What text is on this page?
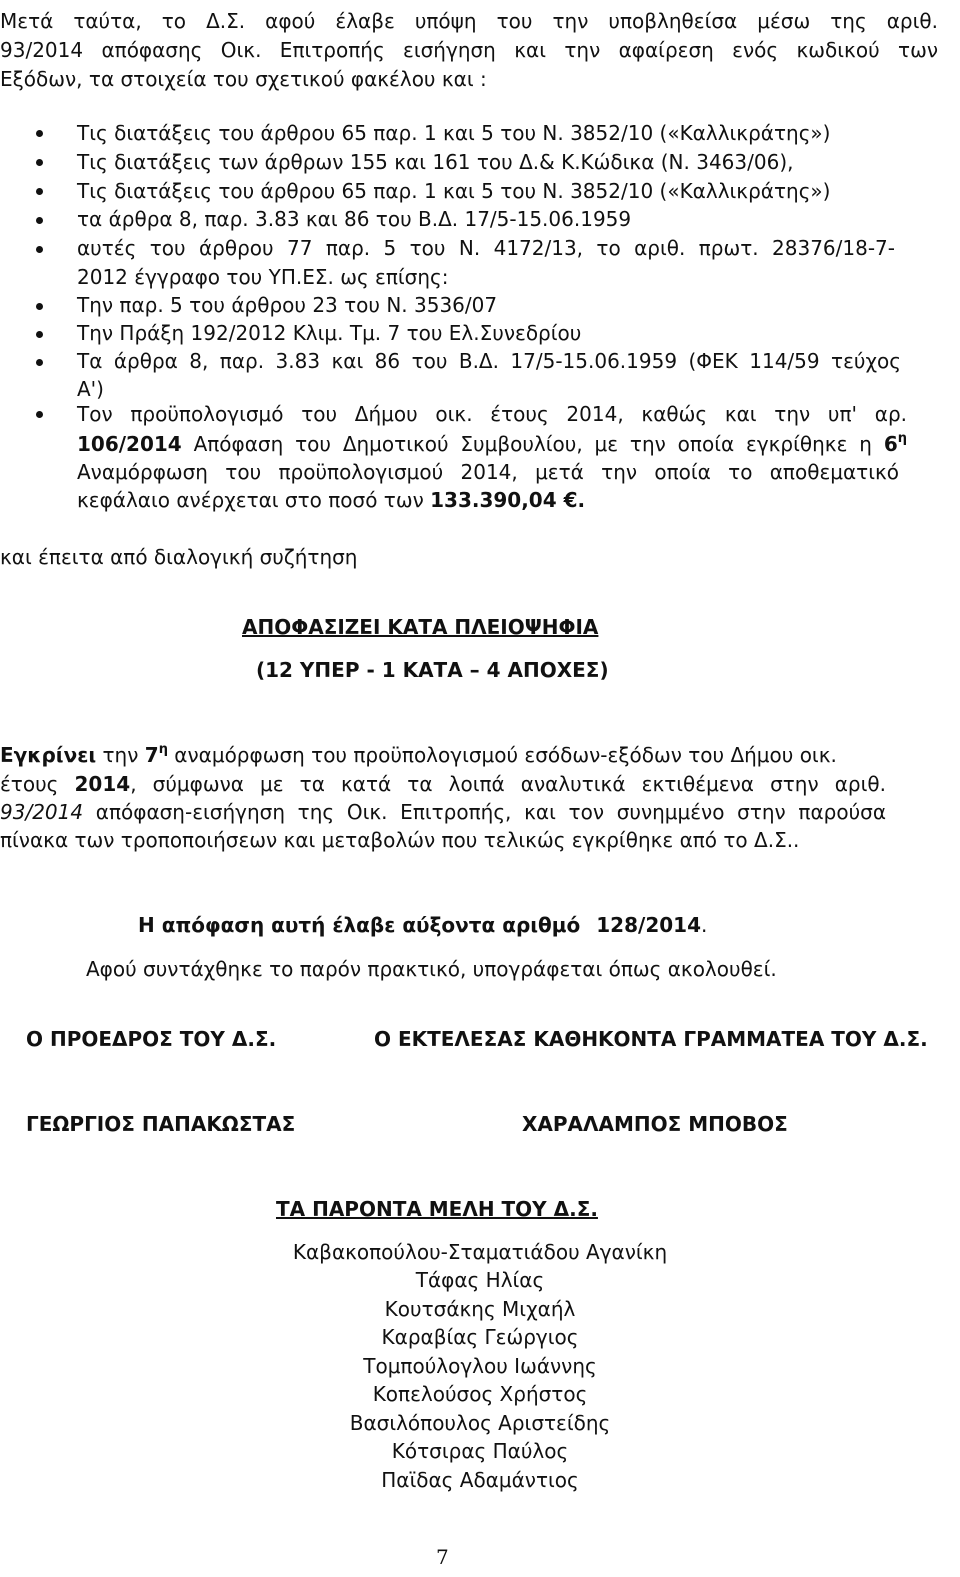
Μετά ταύτα, το Δ.Σ. αφού έλαβε υπόψη του την υποβληθείσα μέσω της αριθ.
93/2014 απόφασης Οικ. Επιτροπής εισήγηση και την αφαίρεση ενός κωδικού των
Εξόδων, τα στοιχεία του σχετικού φακέλου και :
Τις διατάξεις του άρθρου 65 παρ. 1 και 5 του Ν. 3852/10 («Καλλικράτης»)
Τις διατάξεις των άρθρων 155 και 161 του Δ.& Κ.Κώδικα (Ν. 3463/06),
Τις διατάξεις του άρθρου 65 παρ. 1 και 5 του Ν. 3852/10 («Καλλικράτης»)
τα άρθρα 8, παρ. 3.83 και 86 του Β.Δ. 17/5-15.06.1959
αυτές του άρθρου 77 παρ. 5 του Ν. 4172/13, το αριθ. πρωτ. 28376/18-7-
2012 έγγραφο του ΥΠ.ΕΣ. ως επίσης:
Την παρ. 5 του άρθρου 23 του Ν. 3536/07
Την Πράξη 192/2012 Κλιμ. Τμ. 7 του Ελ.Συνεδρίου
Τα άρθρα 8, παρ. 3.83 και 86 του Β.Δ. 17/5-15.06.1959 (ΦΕΚ 114/59 τεύχος
Α')
Τον προϋπολογισμό του Δήμου οικ. έτους 2014, καθώς και την υπ' αρ.
106/2014 Απόφαση του Δημοτικού Συμβουλίου, με την οποία εγκρίθηκε η $6^\eta$
Αναμόρφωση του προϋπολογισμού 2014, μετά την οποία το αποθεματικό
κεφάλαιο ανέρχεται στο ποσό των 133.390,04 €.
και έπειτα από διαλογική συζήτηση
ΑΠΟΦΑΣΙΖΕΙ ΚΑΤΑ ΠΛΕΙΟΨΗΦΙΑ
(12 ΥΠΕΡ - 1 ΚΑΤΑ – 4 ΑΠΟΧΕΣ)
Εγκρίνει την $7^\eta$ αναμόρφωση του προϋπολογισμού εσόδων-εξόδων του Δήμου οικ.
έτους 2014, σύμφωνα με τα κατά τα λοιπά αναλυτικά εκτιθέμενα στην αριθ.
93/2014 απόφαση-εισήγηση της Οικ. Επιτροπής, και τον συνημμένο στην παρούσα
πίνακα των τροποποιήσεων και μεταβολών που τελικώς εγκρίθηκε από το Δ.Σ..
Η απόφαση αυτή έλαβε αύξοντα αριθμό 128/2014.
Αφού συντάχθηκε το παρόν πρακτικό, υπογράφεται όπως ακολουθεί.
Ο ΠΡΟΕΔΡΟΣ ΤΟΥ Δ.Σ.	Ο ΕΚΤΕΛΕΣΑΣ ΚΑΘΗΚΟΝΤΑ ΓΡΑΜΜΑΤΕΑ ΤΟΥ Δ.Σ.
ΓΕΩΡΓΙΟΣ ΠΑΠΑΚΩΣΤΑΣ	ΧΑΡΑΛΑΜΠΟΣ ΜΠΟΒΟΣ
ΤΑ ΠΑΡΟΝΤΑ ΜΕΛΗ ΤΟΥ Δ.Σ.
Καβακοπούλου-Σταματιάδου Αγανίκη
Τάφας Ηλίας
Κουτσάκης Μιχαήλ
Καραβίας Γεώργιος
Τομπούλογλου Ιωάννης
Κοπελούσος Χρήστος
Βασιλόπουλος Αριστείδης
Κότσιρας Παύλος
Παϊδας Αδαμάντιος
7
